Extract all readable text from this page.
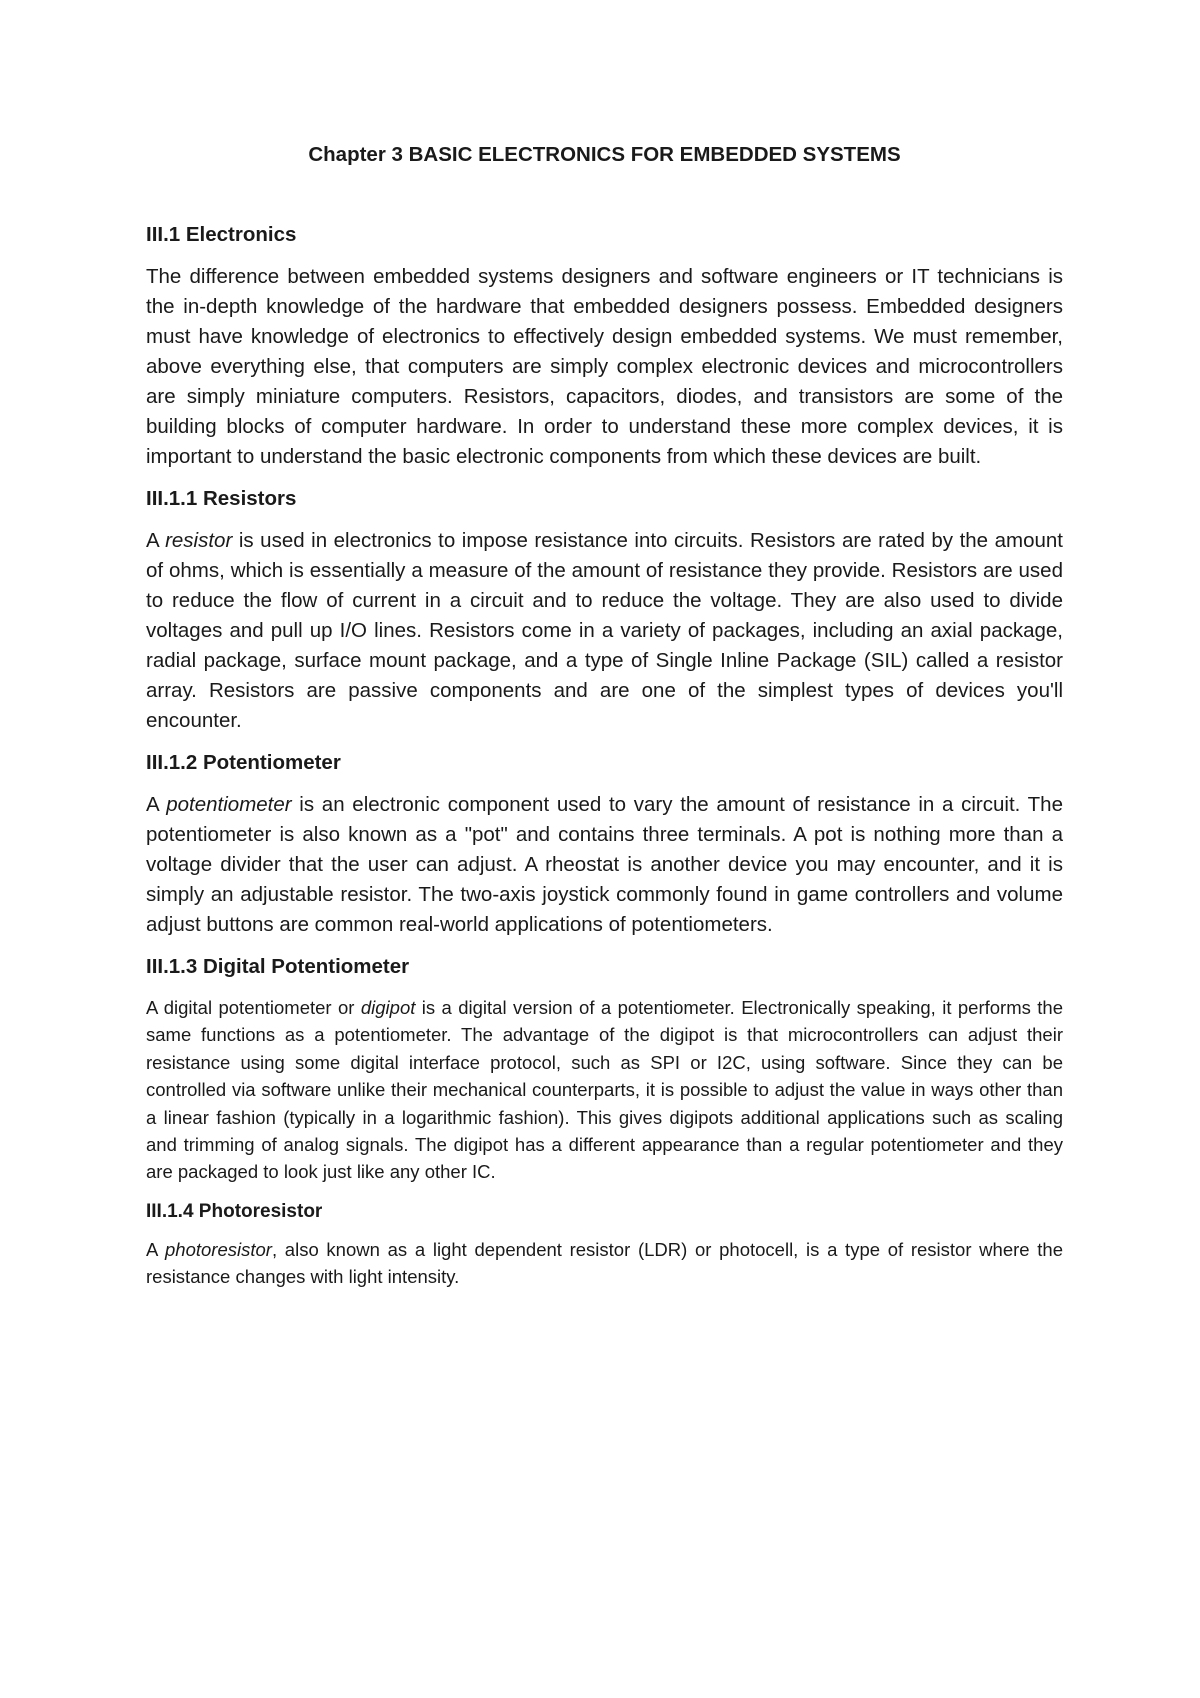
Chapter 3 BASIC ELECTRONICS FOR EMBEDDED SYSTEMS
III.1 Electronics

The difference between embedded systems designers and software engineers or IT technicians is the in-depth knowledge of the hardware that embedded designers possess. Embedded designers must have knowledge of electronics to effectively design embedded systems. We must remember, above everything else, that computers are simply complex electronic devices and microcontrollers are simply miniature computers. Resistors, capacitors, diodes, and transistors are some of the building blocks of computer hardware. In order to understand these more complex devices, it is important to understand the basic electronic components from which these devices are built.

III.1.1 Resistors

A resistor is used in electronics to impose resistance into circuits. Resistors are rated by the amount of ohms, which is essentially a measure of the amount of resistance they provide. Resistors are used to reduce the flow of current in a circuit and to reduce the voltage. They are also used to divide voltages and pull up I/O lines. Resistors come in a variety of packages, including an axial package, radial package, surface mount package, and a type of Single Inline Package (SIL) called a resistor array. Resistors are passive components and are one of the simplest types of devices you'll encounter.

III.1.2 Potentiometer

A potentiometer is an electronic component used to vary the amount of resistance in a circuit. The potentiometer is also known as a "pot" and contains three terminals. A pot is nothing more than a voltage divider that the user can adjust. A rheostat is another device you may encounter, and it is simply an adjustable resistor. The two-axis joystick commonly found in game controllers and volume adjust buttons are common real-world applications of potentiometers.

III.1.3 Digital Potentiometer

A digital potentiometer or digipot is a digital version of a potentiometer. Electronically speaking, it performs the same functions as a potentiometer. The advantage of the digipot is that microcontrollers can adjust their resistance using some digital interface protocol, such as SPI or I2C, using software. Since they can be controlled via software unlike their mechanical counterparts, it is possible to adjust the value in ways other than a linear fashion (typically in a logarithmic fashion). This gives digipots additional applications such as scaling and trimming of analog signals. The digipot has a different appearance than a regular potentiometer and they are packaged to look just like any other IC.

III.1.4 Photoresistor

A photoresistor, also known as a light dependent resistor (LDR) or photocell, is a type of resistor where the resistance changes with light intensity.
